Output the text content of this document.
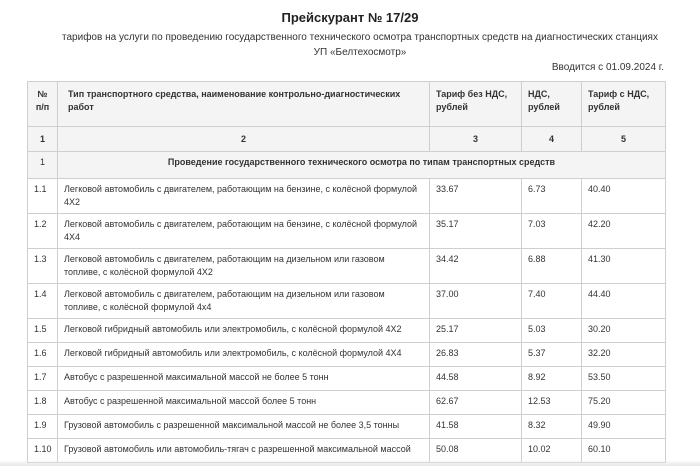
Прейскурант № 17/29
тарифов на услуги по проведению государственного технического осмотра транспортных средств на диагностических станциях
УП «Белтехосмотр»
Вводится с 01.09.2024 г.
№ п/п	Тип транспортного средства, наименование контрольно-диагностических работ	Тариф без НДС, рублей	НДС, рублей	Тариф с НДС, рублей
1	2	3	4	5
1	Проведение государственного технического осмотра по типам транспортных средств			
1.1	Легковой автомобиль с двигателем, работающим на бензине, с колёсной формулой 4Х2	33.67	6.73	40.40
1.2	Легковой автомобиль с двигателем, работающим на бензине, с колёсной формулой 4Х4	35.17	7.03	42.20
1.3	Легковой автомобиль с двигателем, работающим на дизельном или газовом топливе, с колёсной формулой 4Х2	34.42	6.88	41.30
1.4	Легковой автомобиль с двигателем, работающим на дизельном или газовом топливе, с колёсной формулой 4х4	37.00	7.40	44.40
1.5	Легковой гибридный автомобиль или электромобиль, с колёсной формулой 4Х2	25.17	5.03	30.20
1.6	Легковой гибридный автомобиль или электромобиль, с колёсной формулой 4Х4	26.83	5.37	32.20
1.7	Автобус с разрешенной максимальной массой не более 5 тонн	44.58	8.92	53.50
1.8	Автобус с разрешенной максимальной массой более 5 тонн	62.67	12.53	75.20
1.9	Грузовой автомобиль с разрешенной максимальной массой не более 3,5 тонны	41.58	8.32	49.90
1.10	Грузовой автомобиль или автомобиль-тягач с разрешенной максимальной массой	50.08	10.02	60.10
